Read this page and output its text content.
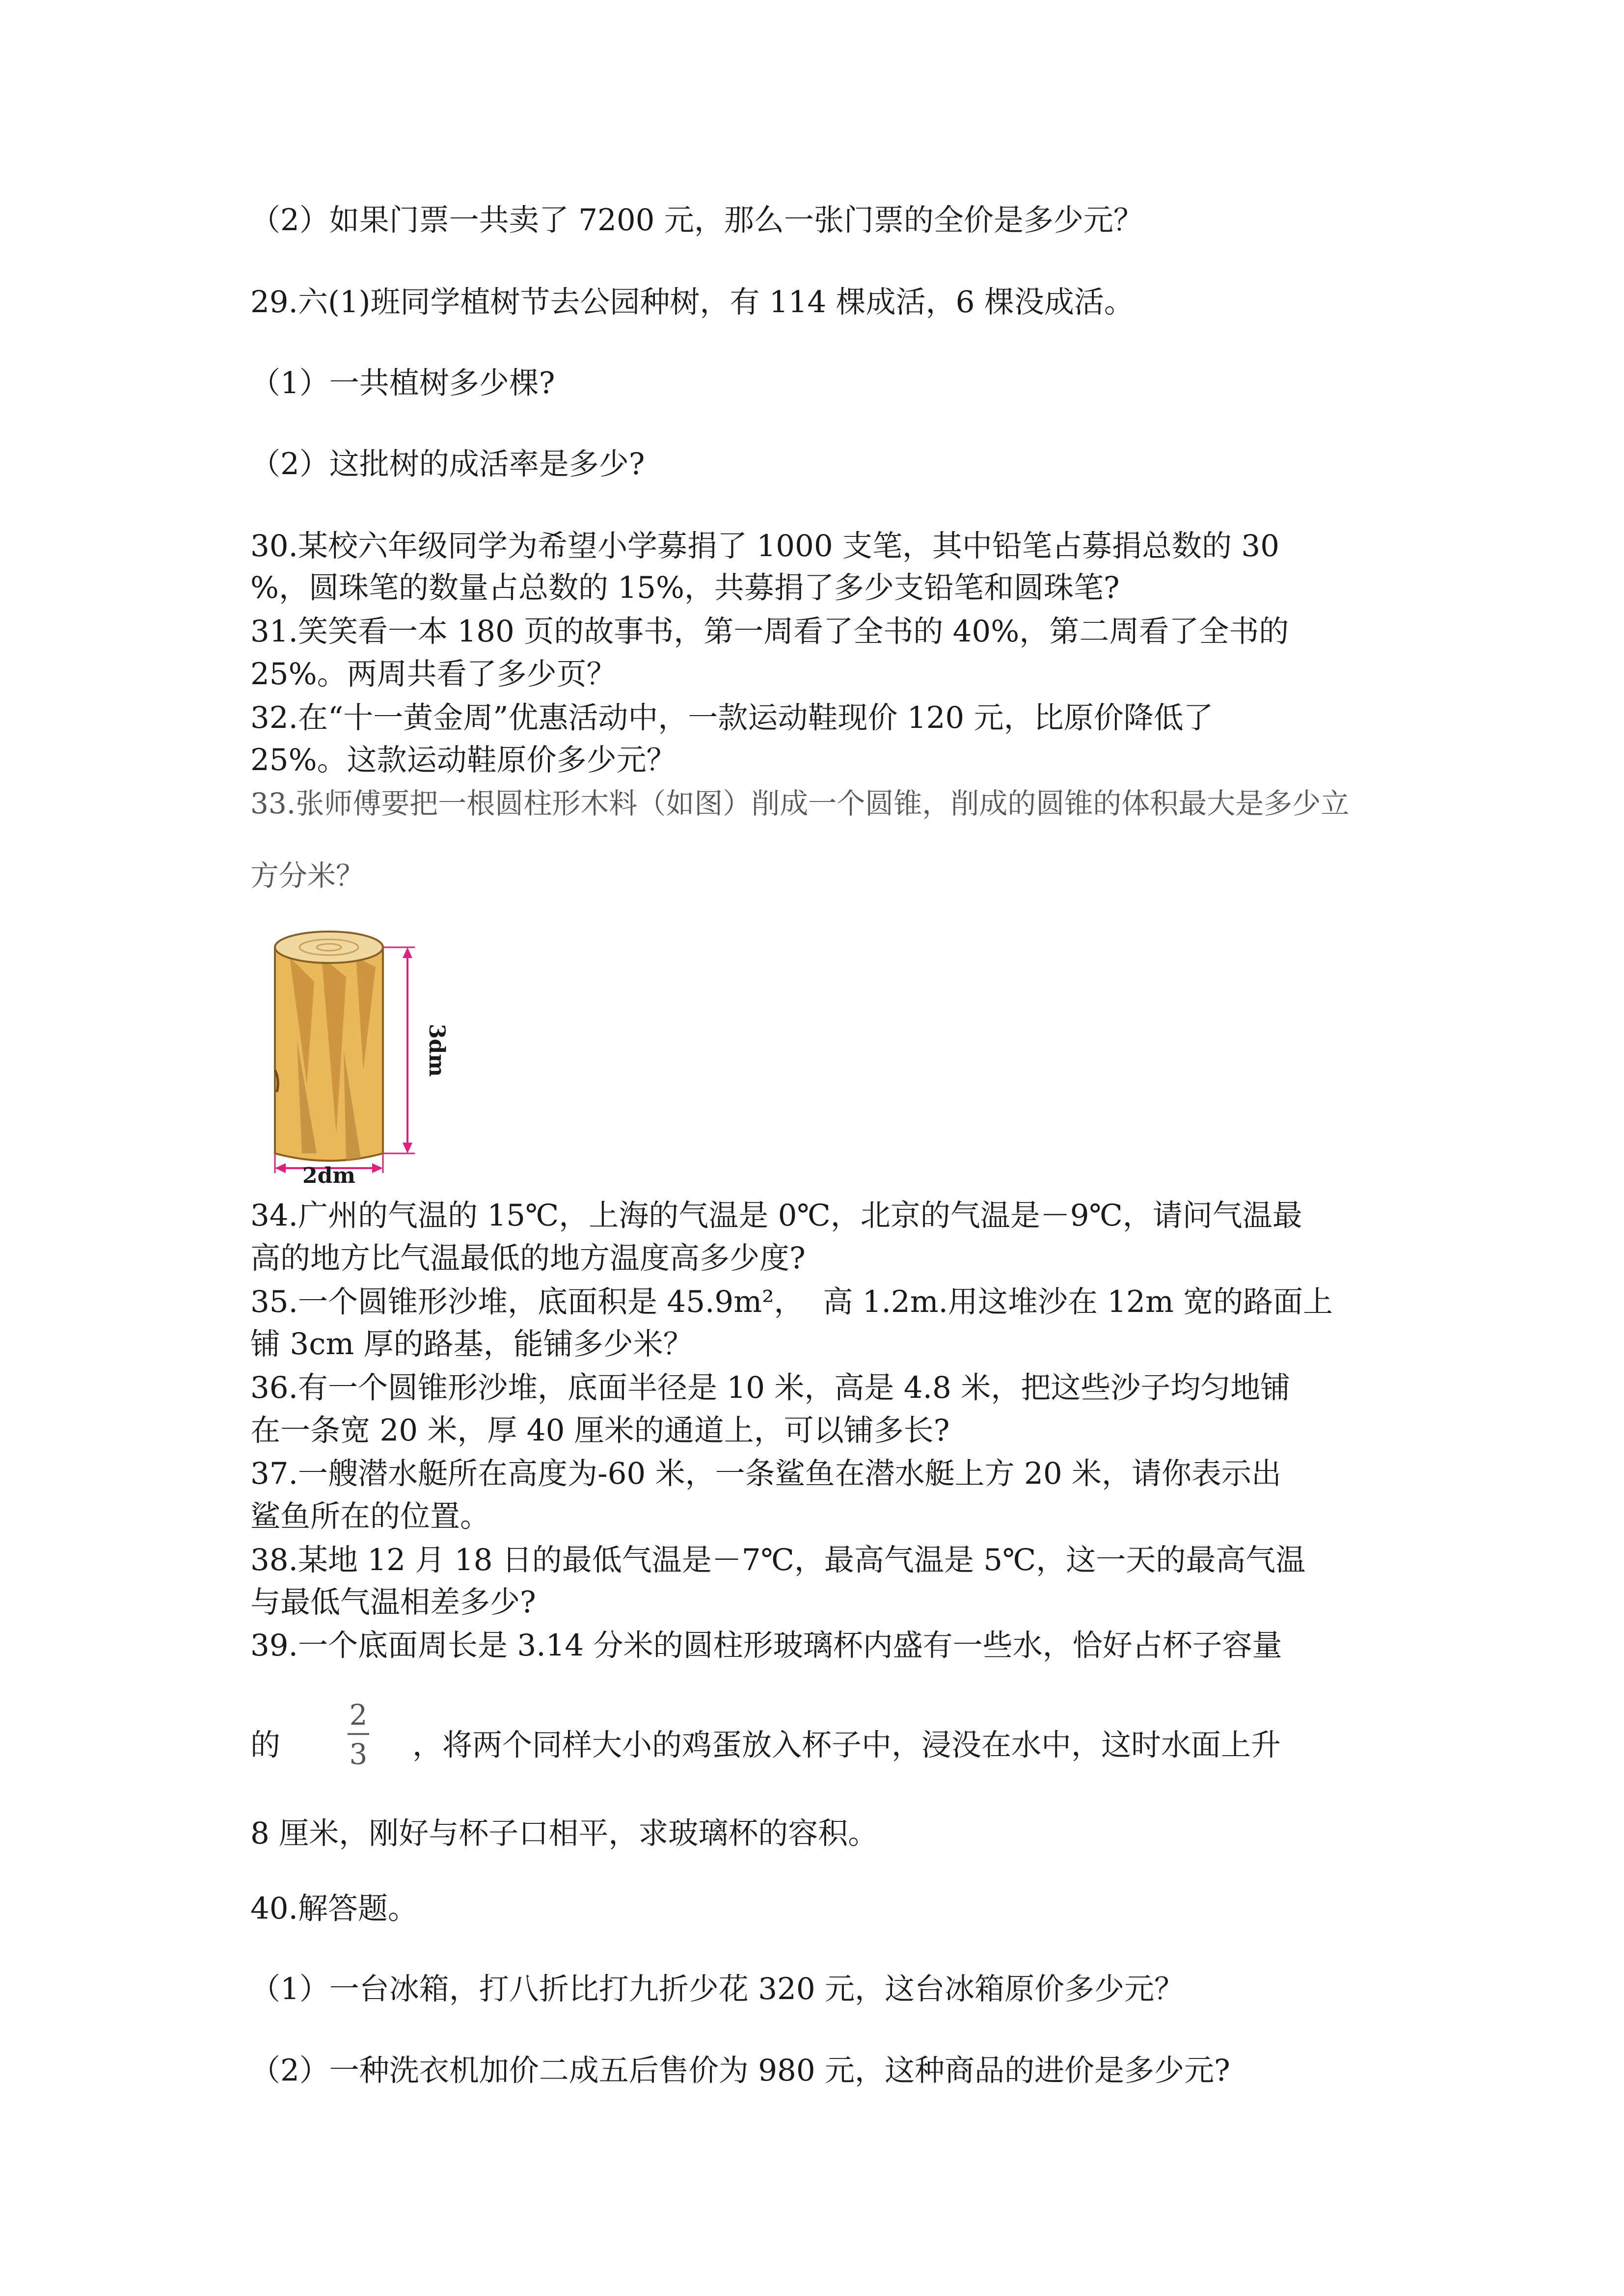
（2）如果门票一共卖了 7200 元，那么一张门票的全价是多少元？
29.六(1)班同学植树节去公园种树，有 114 棵成活，6 棵没成活。
（1）一共植树多少棵?
（2）这批树的成活率是多少?
30.某校六年级同学为希望小学募捐了 1000 支笔，其中铅笔占募捐总数的 30
%，圆珠笔的数量占总数的 15%，共募捐了多少支铅笔和圆珠笔?
31.笑笑看一本 180 页的故事书，第一周看了全书的 40%，第二周看了全书的
25%。两周共看了多少页？
32.在“十一黄金周”优惠活动中，一款运动鞋现价 120 元，比原价降低了
25%。这款运动鞋原价多少元？
33.张师傅要把一根圆柱形木料（如图）削成一个圆锥，削成的圆锥的体积最大是多少立
方分米？
3dm
2dm
34.广州的气温的 15℃，上海的气温是 0℃，北京的气温是－9℃，请问气温最
高的地方比气温最低的地方温度高多少度?
35.一个圆锥形沙堆，底面积是 45.9m²，  高 1.2m.用这堆沙在 12m 宽的路面上
铺 3cm 厚的路基，能铺多少米？
36.有一个圆锥形沙堆，底面半径是 10 米，高是 4.8 米，把这些沙子均匀地铺
在一条宽 20 米，厚 40 厘米的通道上，可以铺多长?
37.一艘潜水艇所在高度为-60 米，一条鲨鱼在潜水艇上方 20 米，请你表示出
鲨鱼所在的位置。
38.某地 12 月 18 日的最低气温是－7℃，最高气温是 5℃，这一天的最高气温
与最低气温相差多少?
39.一个底面周长是 3.14 分米的圆柱形玻璃杯内盛有一些水，恰好占杯子容量
的
2
3	，将两个同样大小的鸡蛋放入杯子中，浸没在水中，这时水面上升
8 厘米，刚好与杯子口相平，求玻璃杯的容积。
40.解答题。
（1）一台冰箱，打八折比打九折少花 320 元，这台冰箱原价多少元？
（2）一种洗衣机加价二成五后售价为 980 元，这种商品的进价是多少元?
